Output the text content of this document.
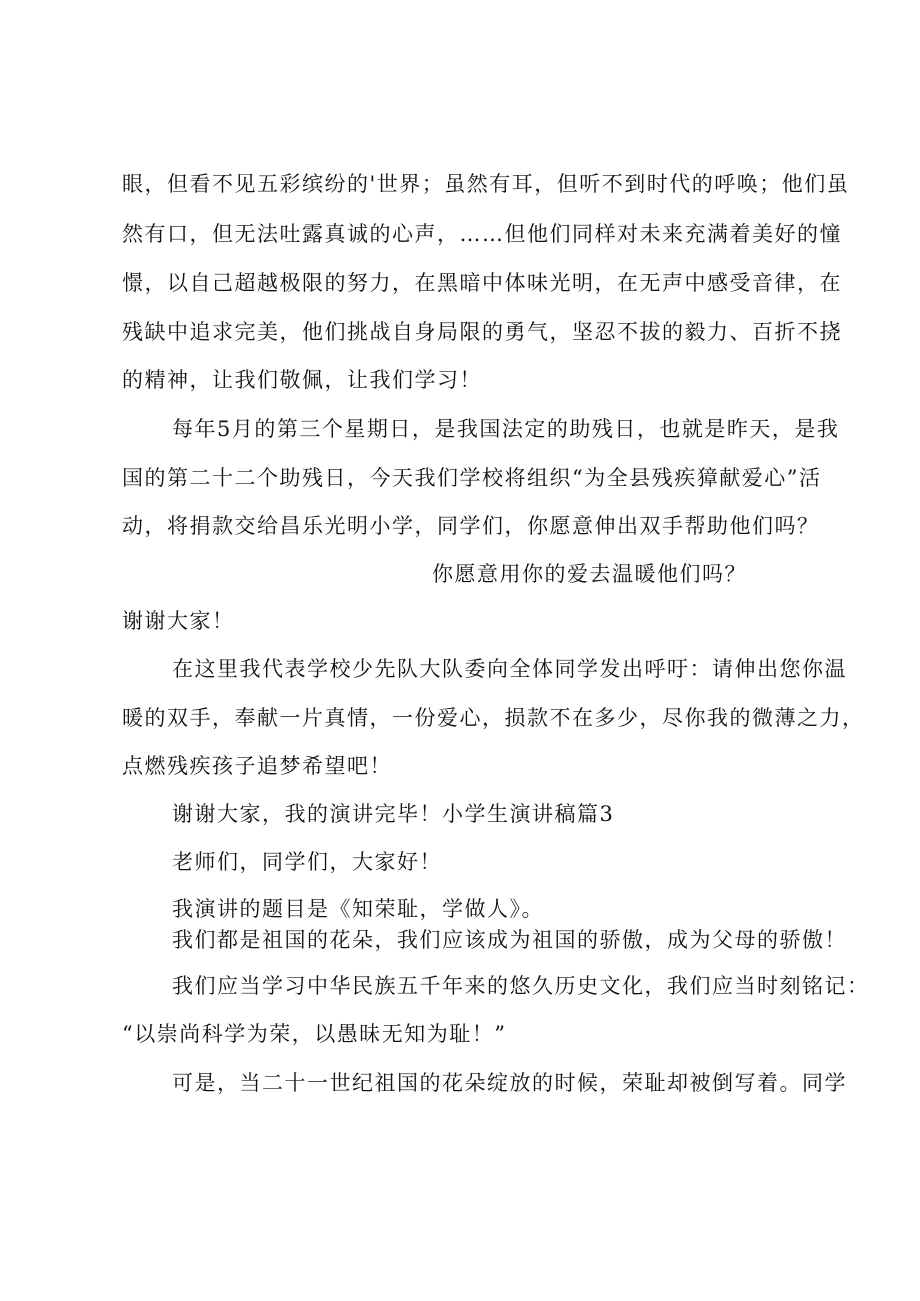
眼，但看不见五彩缤纷的'世界；虽然有耳，但听不到时代的呼唤；他们虽
然有口，但无法吐露真诚的心声，……但他们同样对未来充满着美好的憧
憬，以自己超越极限的努力，在黑暗中体味光明，在无声中感受音律，在
残缺中追求完美，他们挑战自身局限的勇气，坚忍不拔的毅力、百折不挠
的精神，让我们敬佩，让我们学习！
每年5月的第三个星期日，是我国法定的助残日，也就是昨天，是我
国的第二十二个助残日，今天我们学校将组织“为全县残疾獐献爱心”活
动，将捐款交给昌乐光明小学，同学们，你愿意伸出双手帮助他们吗？
你愿意用你的爱去温暖他们吗？
谢谢大家！
在这里我代表学校少先队大队委向全体同学发出呼吁：请伸出您你温
暖的双手，奉献一片真情，一份爱心，损款不在多少，尽你我的微薄之力，
点燃残疾孩子追梦希望吧！
谢谢大家，我的演讲完毕！小学生演讲稿篇3
老师们，同学们，大家好！
我演讲的题目是《知荣耻，学做人》。
我们都是祖国的花朵，我们应该成为祖国的骄傲，成为父母的骄傲！
我们应当学习中华民族五千年来的悠久历史文化，我们应当时刻铭记：
“以崇尚科学为荣，以愚昧无知为耻！”
可是，当二十一世纪祖国的花朵绽放的时候，荣耻却被倒写着。同学
